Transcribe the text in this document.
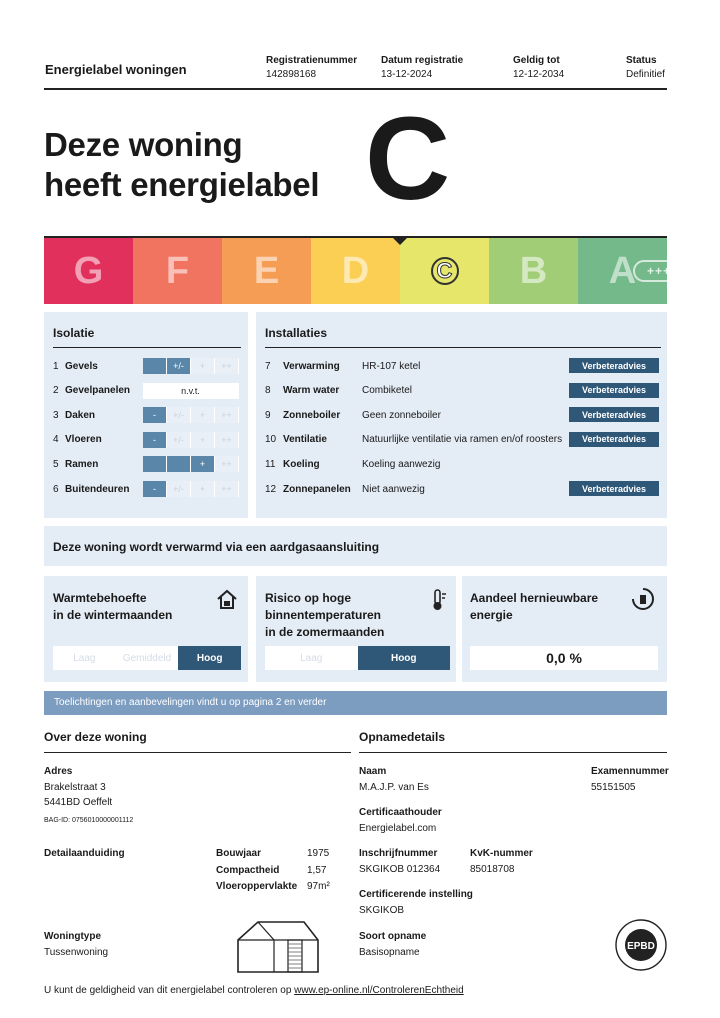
Energielabel woningen
Registratienummer
142898168
Datum registratie
13-12-2024
Geldig tot
12-12-2034
Status
Definitief
Deze woning
heeft energielabel C
G F E D	C B A ++++
Isolatie
1 Gevels	+/-	+	++
2 Gevelpanelen	n.v.t.
3 Daken	-	+/-	+	++
4 Vloeren	-	+/-	+	++
5 Ramen	+	++
6 Buitendeuren	-	+/-	+	++
Installaties
7	Verwarming	HR-107 ketel	Verbeteradvies
8	Warm water	Combiketel	Verbeteradvies
9	Zonneboiler	Geen zonneboiler	Verbeteradvies
10 Ventilatie	Natuurlijke ventilatie via ramen en/of roosters	Verbeteradvies
11 Koeling	Koeling aanwezig
12 Zonnepanelen	Niet aanwezig	Verbeteradvies
Deze woning wordt verwarmd via een aardgasaansluiting
Warmtebehoefte
in de wintermaanden
Laag	Gemiddeld	Hoog
Risico op hoge
binnentemperaturen
in de zomermaanden
Laag	Hoog
Aandeel hernieuwbare
energie
0,0 %
Toelichtingen en aanbevelingen vindt u op pagina 2 en verder
Over deze woning
Adres
Brakelstraat 3
5441BD Oeffelt
BAG-ID: 0756010000001112
Detailaanduiding	Bouwjaar	1975
Compactheid	1,57
Vloeroppervlakte 97m²
Woningtype
Tussenwoning
Opnamedetails
Naam
M.A.J.P. van Es
Examennummer
55151505
Certificaathouder
Energielabel.com
Inschrijfnummer
SKGIKOB 012364
KvK-nummer
85018708
Certificerende instelling
SKGIKOB
Soort opname
Basisopname
EPBD
U kunt de geldigheid van dit energielabel controleren op www.ep-online.nl/ControlerenEchtheid
